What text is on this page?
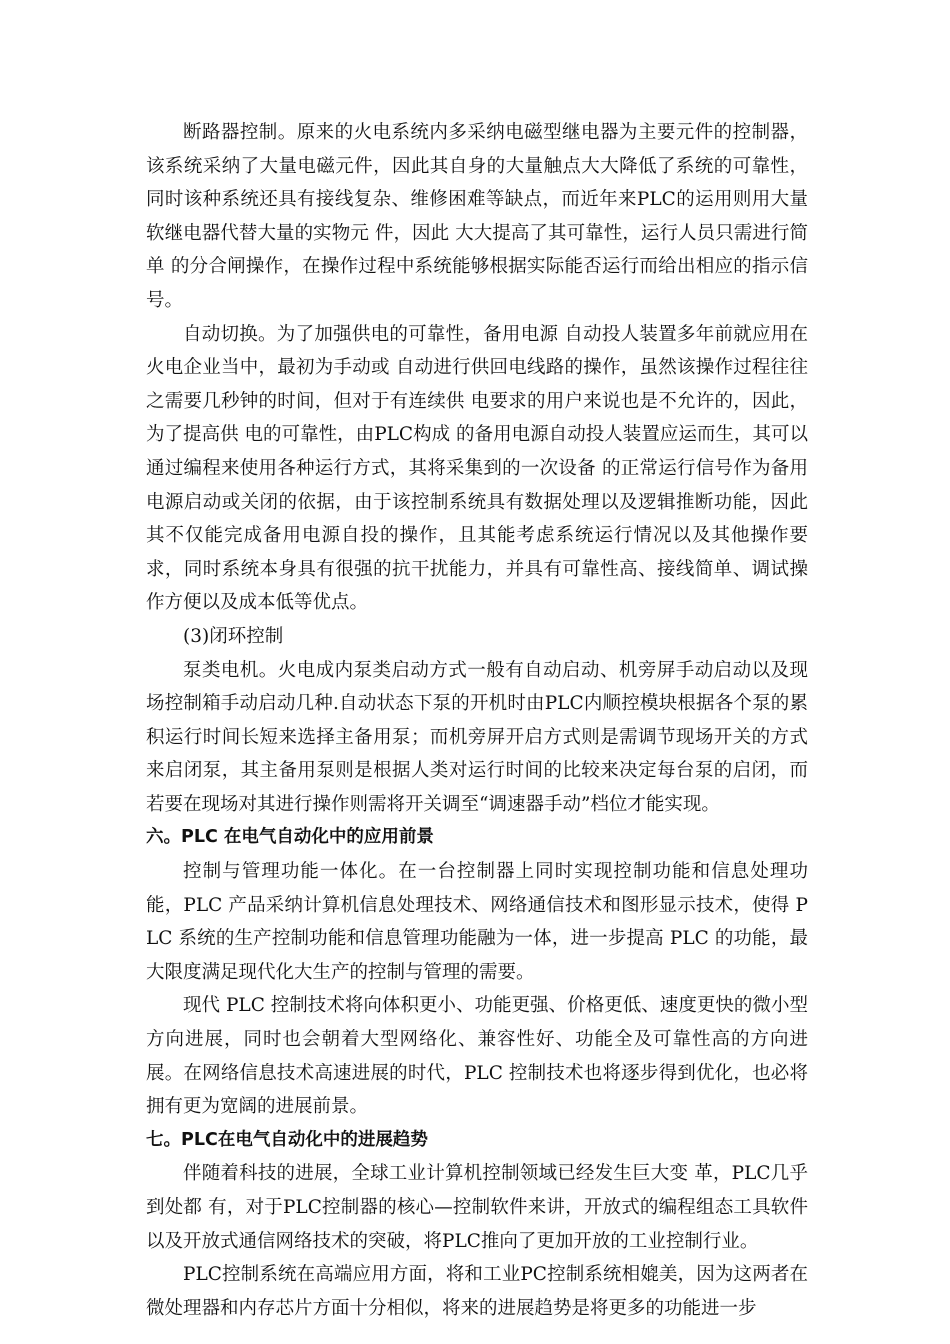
断路器控制。原来的火电系统内多采纳电磁型继电器为主要元件的控制器，该系统采纳了大量电磁元件，因此其自身的大量触点大大降低了系统的可靠性，同时该种系统还具有接线复杂、维修困难等缺点，而近年来PLC的运用则用大量软继电器代替大量的实物元 件，因此 大大提高了其可靠性，运行人员只需进行简单 的分合闸操作，在操作过程中系统能够根据实际能否运行而给出相应的指示信号。

自动切换。为了加强供电的可靠性，备用电源 自动投人装置多年前就应用在火电企业当中，最初为手动或 自动进行供回电线路的操作，虽然该操作过程往往之需要几秒钟的时间，但对于有连续供 电要求的用户来说也是不允许的，因此，为了提高供 电的可靠性，由PLC构成 的备用电源自动投人装置应运而生，其可以通过编程来使用各种运行方式，其将采集到的一次设备 的正常运行信号作为备用电源启动或关闭的依据，由于该控制系统具有数据处理以及逻辑推断功能，因此其不仅能完成备用电源自投的操作，且其能考虑系统运行情况以及其他操作要求，同时系统本身具有很强的抗干扰能力，并具有可靠性高、接线简单、调试操作方便以及成本低等优点。

(3)闭环控制

泵类电机。火电成内泵类启动方式一般有自动启动、机旁屏手动启动以及现场控制箱手动启动几种.自动状态下泵的开机时由PLC内顺控模块根据各个泵的累积运行时间长短来选择主备用泵；而机旁屏开启方式则是需调节现场开关的方式来启闭泵，其主备用泵则是根据人类对运行时间的比较来决定每台泵的启闭，而若要在现场对其进行操作则需将开关调至“调速器手动”档位才能实现。

六。PLC 在电气自动化中的应用前景

控制与管理功能一体化。在一台控制器上同时实现控制功能和信息处理功能，PLC 产品采纳计算机信息处理技术、网络通信技术和图形显示技术，使得 PLC 系统的生产控制功能和信息管理功能融为一体，进一步提高 PLC 的功能，最大限度满足现代化大生产的控制与管理的需要。

现代 PLC 控制技术将向体积更小、功能更强、价格更低、速度更快的微小型方向进展，同时也会朝着大型网络化、兼容性好、功能全及可靠性高的方向进展。在网络信息技术高速进展的时代，PLC 控制技术也将逐步得到优化，也必将拥有更为宽阔的进展前景。

七。PLC在电气自动化中的进展趋势

伴随着科技的进展，全球工业计算机控制领域已经发生巨大变 革，PLC几乎到处都 有，对于PLC控制器的核心—控制软件来讲，开放式的编程组态工具软件以及开放式通信网络技术的突破，将PLC推向了更加开放的工业控制行业。

PLC控制系统在高端应用方面，将和工业PC控制系统相媲美，因为这两者在微处理器和内存芯片方面十分相似，将来的进展趋势是将更多的功能进一步
